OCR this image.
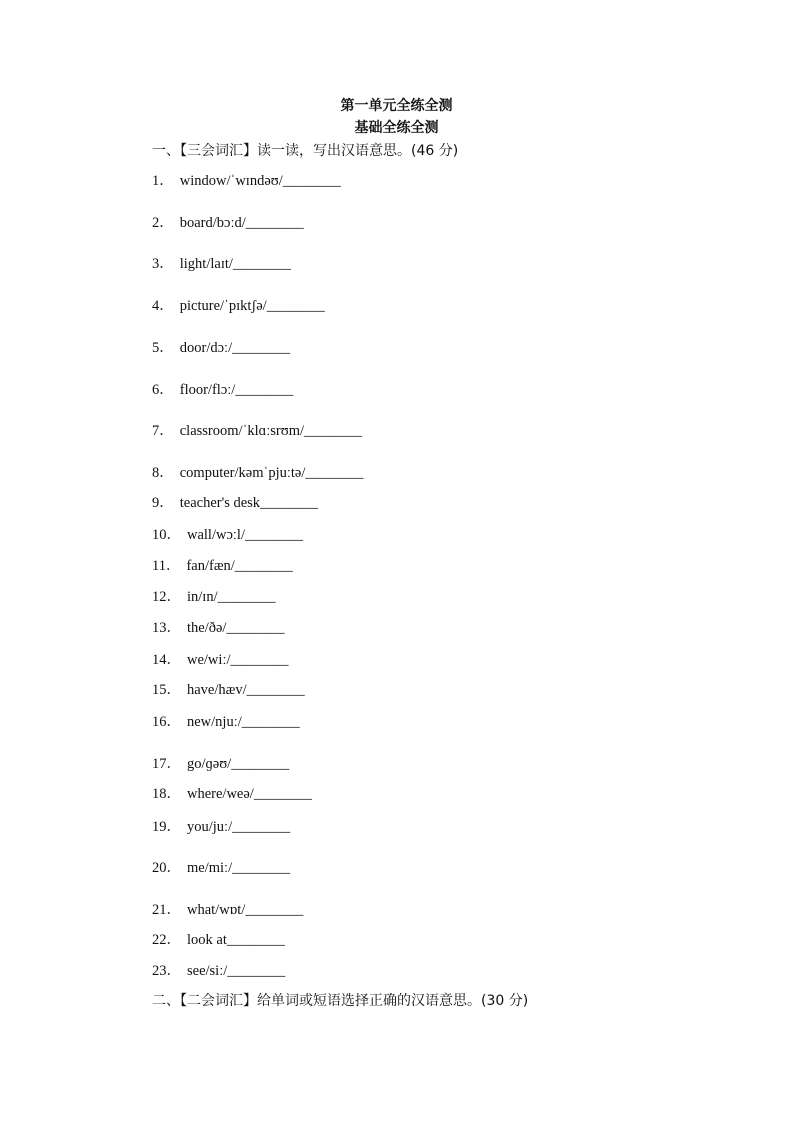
第一单元全练全测
基础全练全测
一、【三会词汇】读一读，写出汉语意思。(46 分)
1． window/ˈwɪndəʊ/________
2． board/bɔːd/________
3． light/laɪt/________
4． picture/ˈpɪktʃə/________
5． door/dɔː/________
6． floor/flɔː/________
7． classroom/ˈklɑːsrʊm/________
8． computer/kəmˈpjuːtə/________
9． teacher's desk________
10． wall/wɔːl/________
11． fan/fæn/________
12． in/ɪn/________
13． the/ðə/________
14． we/wiː/________
15． have/hæv/________
16． new/njuː/________
17． go/ɡəʊ/________
18． where/weə/________
19． you/juː/________
20． me/miː/________
21． what/wɒt/________
22． look at________
23． see/siː/________
二、【二会词汇】给单词或短语选择正确的汉语意思。(30 分)
